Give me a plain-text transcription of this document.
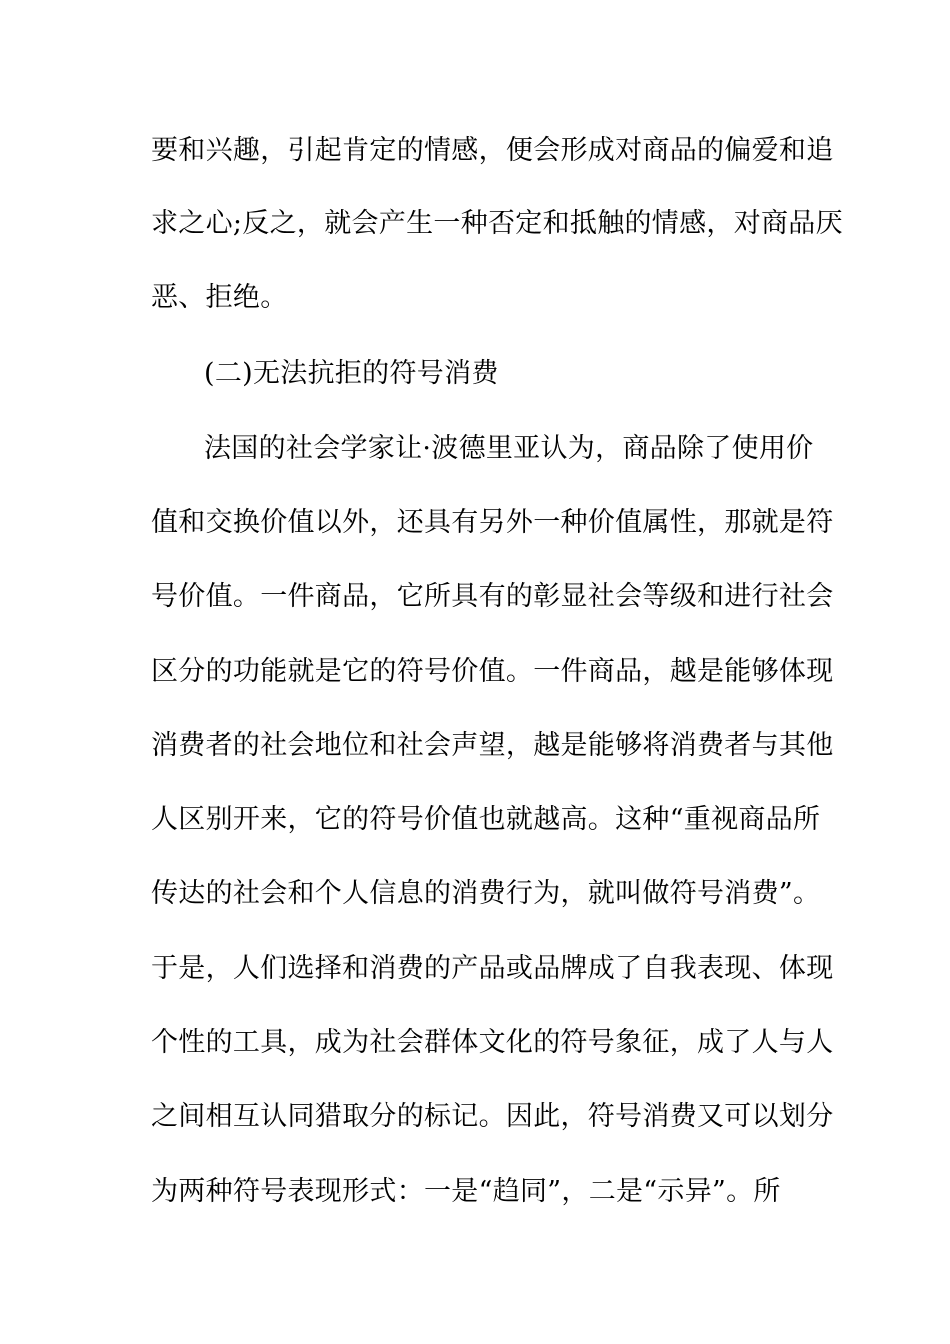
要和兴趣，引起肯定的情感，便会形成对商品的偏爱和追
求之心;反之，就会产生一种否定和抵触的情感，对商品厌
恶、拒绝。
(二)无法抗拒的符号消费
法国的社会学家让·波德里亚认为，商品除了使用价
值和交换价值以外，还具有另外一种价值属性，那就是符
号价值。一件商品，它所具有的彰显社会等级和进行社会
区分的功能就是它的符号价值。一件商品，越是能够体现
消费者的社会地位和社会声望，越是能够将消费者与其他
人区别开来，它的符号价值也就越高。这种“重视商品所
传达的社会和个人信息的消费行为，就叫做符号消费”。
于是，人们选择和消费的产品或品牌成了自我表现、体现
个性的工具，成为社会群体文化的符号象征，成了人与人
之间相互认同猎取分的标记。因此，符号消费又可以划分
为两种符号表现形式：一是“趋同”，二是“示异”。所
